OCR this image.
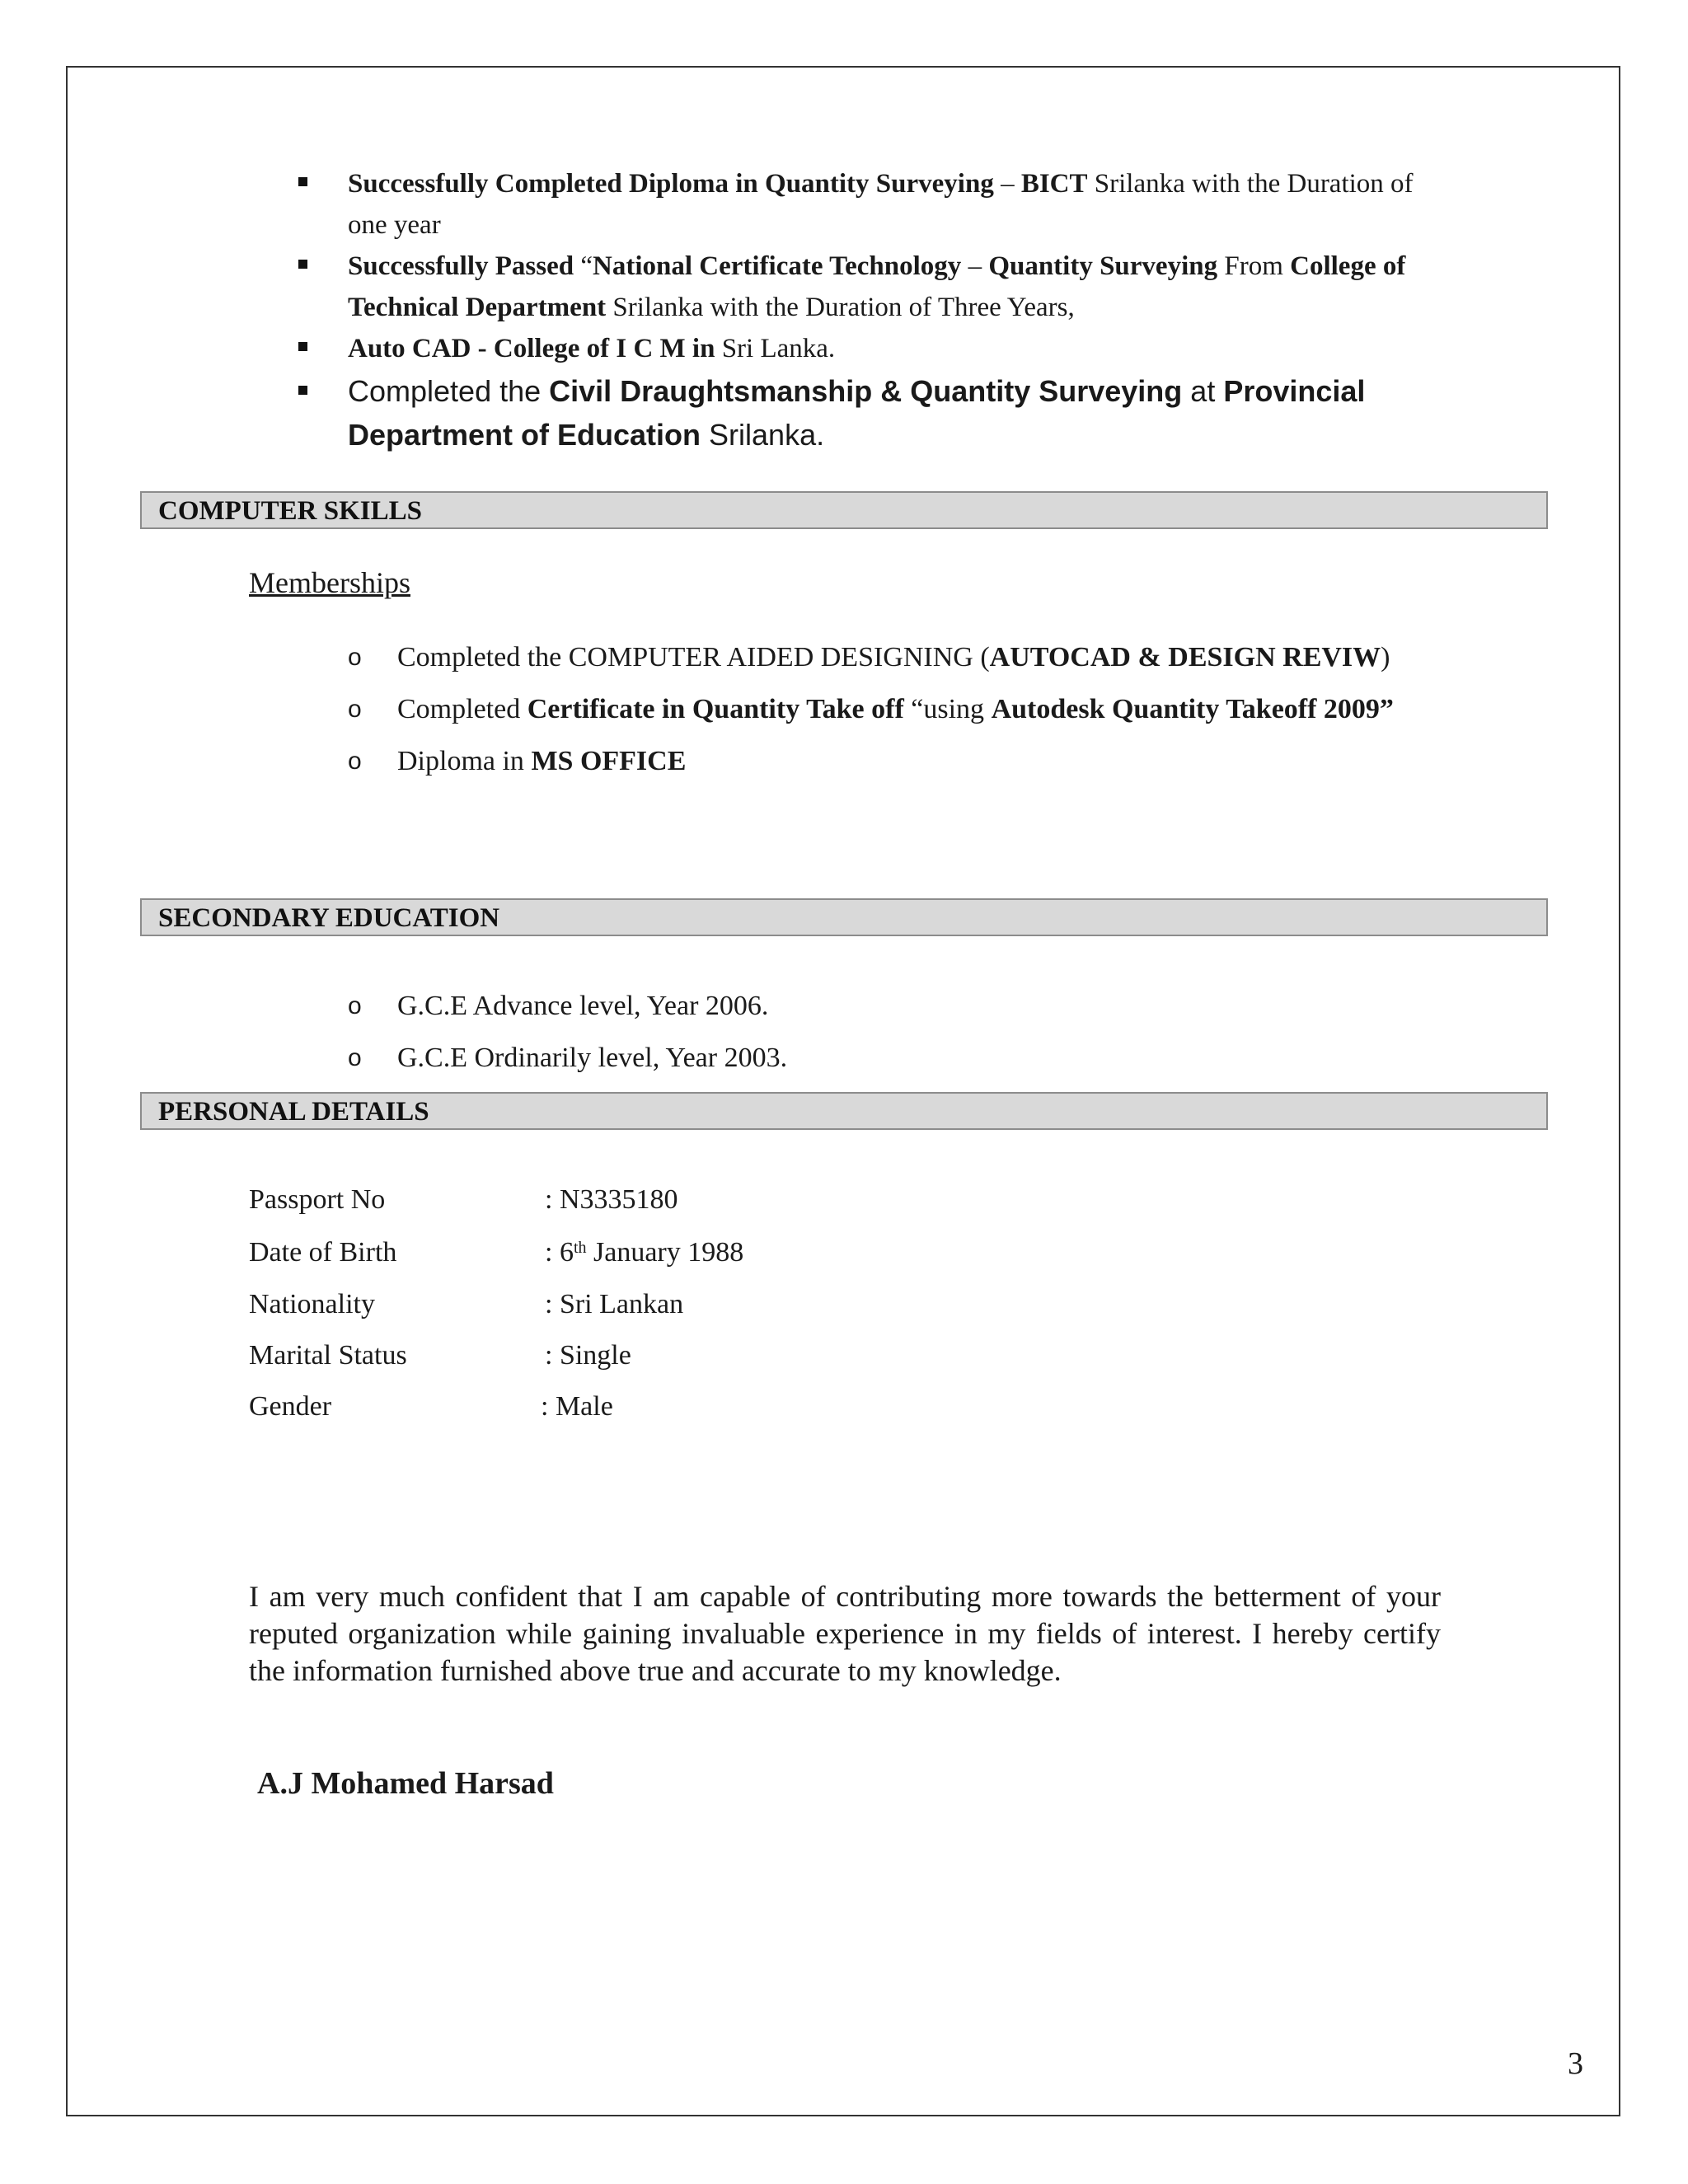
Successfully Completed Diploma in Quantity Surveying – BICT Srilanka with the Duration of one year
Successfully Passed “National Certificate Technology – Quantity Surveying From College of Technical Department Srilanka with the Duration of Three Years,
Auto CAD - College of I C M in Sri Lanka.
Completed the Civil Draughtsmanship & Quantity Surveying at Provincial Department of Education Srilanka.
COMPUTER SKILLS
Memberships
o Completed the COMPUTER AIDED DESIGNING (AUTOCAD & DESIGN REVIW)
o Completed Certificate in Quantity Take off “using Autodesk Quantity Takeoff 2009”
o Diploma in MS OFFICE
SECONDARY EDUCATION
o G.C.E Advance level, Year 2006.
o G.C.E Ordinarily level, Year 2003.
PERSONAL DETAILS
Passport No	: N3335180
Date of Birth	: 6th January 1988
Nationality	: Sri Lankan
Marital Status	: Single
Gender	: Male
I am very much confident that I am capable of contributing more towards the betterment of your reputed organization while gaining invaluable experience in my fields of interest. I hereby certify the information furnished above true and accurate to my knowledge.
A.J Mohamed Harsad
3
